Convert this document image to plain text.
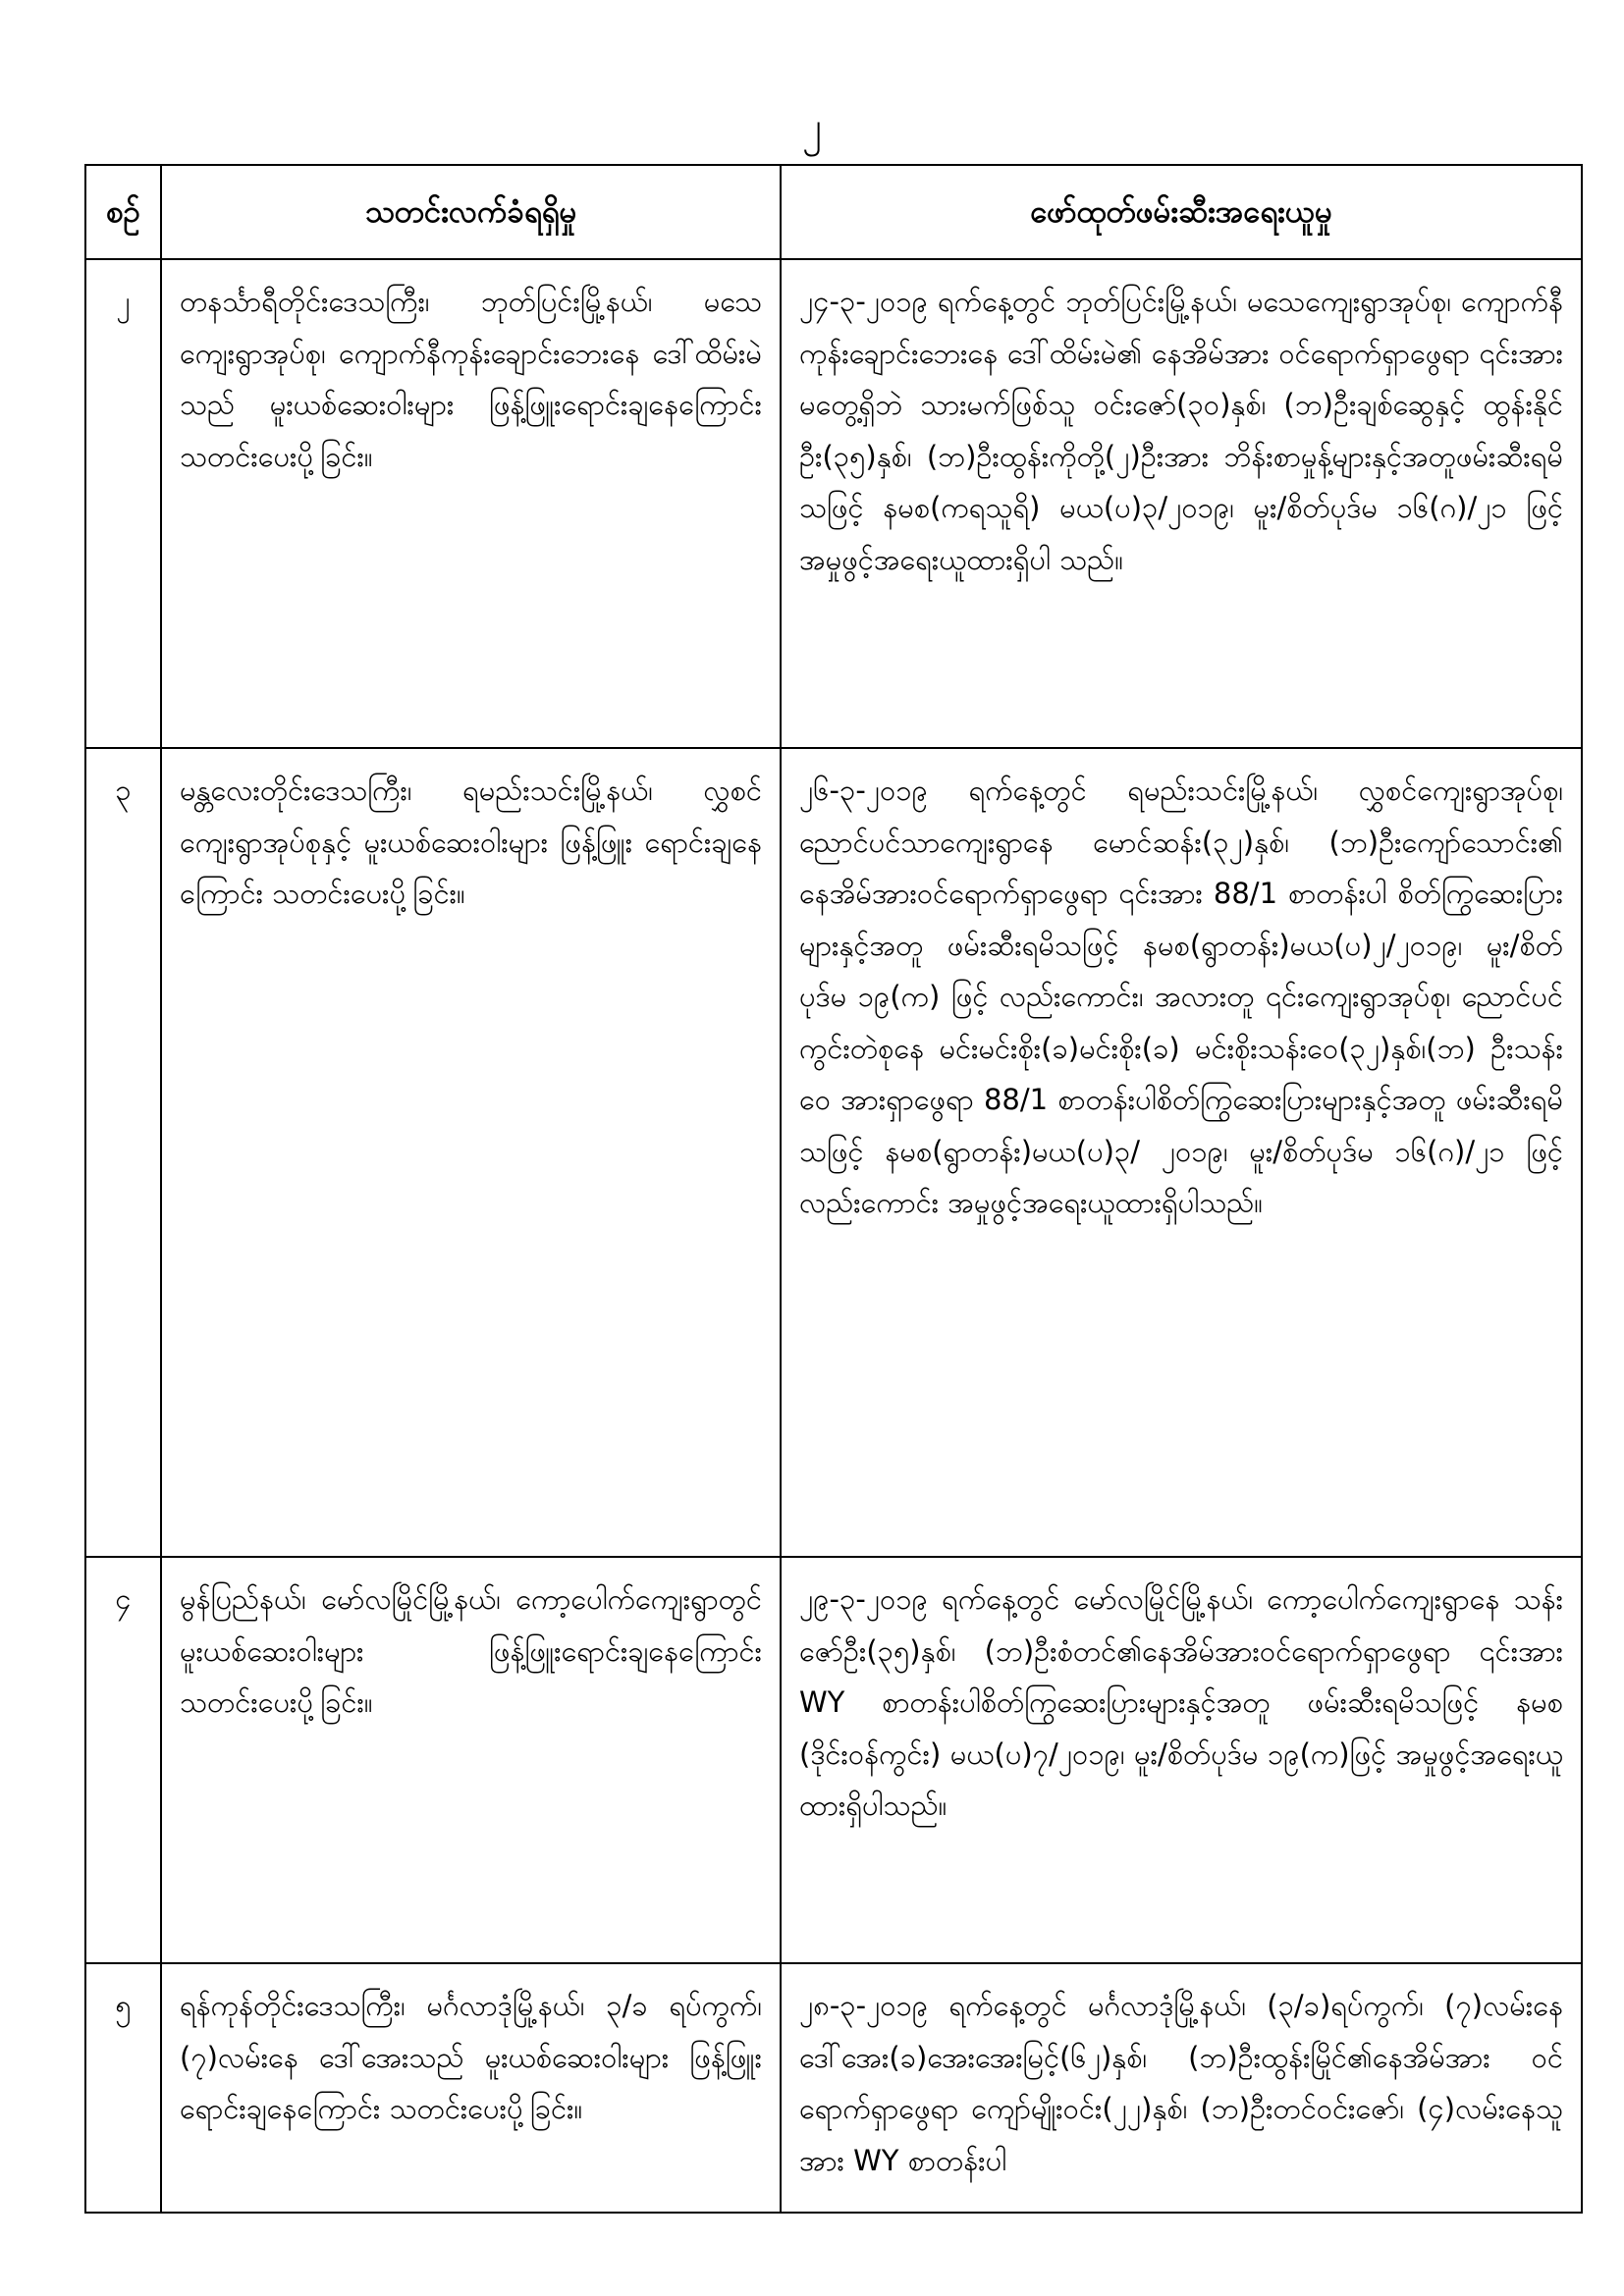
၂
စဉ်	သတင်းလက်ခံရရှိမှု	ဖော်ထုတ်ဖမ်းဆီးအရေးယူမှု
၂	တနင်္သာရီတိုင်းဒေသကြီး၊ ဘုတ်ပြင်းမြို့နယ်၊ မသေကျေးရွာအုပ်စု၊ ကျောက်နီကုန်းချောင်းဘေးနေ ဒေါ်ထိမ်းမဲ သည် မူးယစ်ဆေးဝါးများ ဖြန့်ဖြူးရောင်းချနေကြောင်း သတင်းပေးပို့ခြင်း။	၂၄-၃-၂၀၁၉ ရက်နေ့တွင် ဘုတ်ပြင်းမြို့နယ်၊ မသေကျေးရွာအုပ်စု၊ ကျောက်နီကုန်းချောင်းဘေးနေ ဒေါ်ထိမ်းမဲ၏ နေအိမ်အား ဝင်ရောက်ရှာဖွေရာ ၎င်းအားမတွေ့ရှိဘဲ သားမက်ဖြစ်သူ ဝင်းဇော်(၃၀)နှစ်၊ (ဘ)ဦးချစ်ဆွေနှင့် ထွန်းနိုင်ဦး(၃၅)နှစ်၊ (ဘ)ဦးထွန်းကိုတို့(၂)ဦးအား ဘိန်းစာမှုန့်များနှင့်အတူဖမ်းဆီးရမိသဖြင့် နမစ(ကရသူရိ) မယ(ပ)၃/၂၀၁၉၊ မူး/စိတ်ပုဒ်မ ၁၆(ဂ)/၂၁ ဖြင့် အမှုဖွင့်အရေးယူထားရှိပါ သည်။
၃	မန္တလေးတိုင်းဒေသကြီး၊ ရမည်းသင်းမြို့နယ်၊ လွှစင်ကျေးရွာအုပ်စုနှင့် မူးယစ်ဆေးဝါးများ ဖြန့်ဖြူး ရောင်းချနေကြောင်း သတင်းပေးပို့ခြင်း။	၂၆-၃-၂၀၁၉ ရက်နေ့တွင် ရမည်းသင်းမြို့နယ်၊ လွှစင်ကျေးရွာအုပ်စု၊ ညောင်ပင်သာကျေးရွာနေ မောင်ဆန်း(၃၂)နှစ်၊ (ဘ)ဦးကျော်သောင်း၏ နေအိမ်အားဝင်ရောက်ရှာဖွေရာ ၎င်းအား 88/1 စာတန်းပါ စိတ်ကြွဆေးပြားများနှင့်အတူ ဖမ်းဆီးရမိသဖြင့် နမစ(ရွာတန်း)မယ(ပ)၂/၂၀၁၉၊ မူး/စိတ်ပုဒ်မ ၁၉(က) ဖြင့် လည်းကောင်း၊ အလားတူ ၎င်းကျေးရွာအုပ်စု၊ ညောင်ပင်ကွင်းတဲစုနေ မင်းမင်းစိုး(ခ)မင်းစိုး(ခ) မင်းစိုးသန်းဝေ(၃၂)နှစ်၊(ဘ) ဦးသန်းဝေ အားရှာဖွေရာ 88/1 စာတန်းပါစိတ်ကြွဆေးပြားများနှင့်အတူ ဖမ်းဆီးရမိသဖြင့် နမစ(ရွာတန်း)မယ(ပ)၃/ ၂၀၁၉၊ မူး/စိတ်ပုဒ်မ ၁၆(ဂ)/၂၁ ဖြင့်လည်းကောင်း အမှုဖွင့်အရေးယူထားရှိပါသည်။
၄	မွန်ပြည်နယ်၊ မော်လမြိုင်မြို့နယ်၊ ကော့ပေါက်ကျေးရွာတွင် မူးယစ်ဆေးဝါးများ ဖြန့်ဖြူးရောင်းချနေကြောင်း သတင်းပေးပို့ခြင်း။	၂၉-၃-၂၀၁၉ ရက်နေ့တွင် မော်လမြိုင်မြို့နယ်၊ ကော့ပေါက်ကျေးရွာနေ သန်းဇော်ဦး(၃၅)နှစ်၊ (ဘ)ဦးစံတင်၏နေအိမ်အားဝင်ရောက်ရှာဖွေရာ ၎င်းအား WY စာတန်းပါစိတ်ကြွဆေးပြားများနှင့်အတူ ဖမ်းဆီးရမိသဖြင့် နမစ (ဒိုင်းဝန်ကွင်း) မယ(ပ)၇/၂၀၁၉၊ မူး/စိတ်ပုဒ်မ ၁၉(က)ဖြင့် အမှုဖွင့်အရေးယူထားရှိပါသည်။
၅	ရန်ကုန်တိုင်းဒေသကြီး၊ မင်္ဂလာဒုံမြို့နယ်၊ ၃/ခ ရပ်ကွက်၊ (၇)လမ်းနေ ဒေါ်အေးသည် မူးယစ်ဆေးဝါးများ ဖြန့်ဖြူးရောင်းချနေကြောင်း သတင်းပေးပို့ခြင်း။	၂၈-၃-၂၀၁၉ ရက်နေ့တွင် မင်္ဂလာဒုံမြို့နယ်၊ (၃/ခ)ရပ်ကွက်၊ (၇)လမ်းနေ ဒေါ်အေး(ခ)အေးအေးမြင့်(၆၂)နှစ်၊ (ဘ)ဦးထွန်းမြိုင်၏နေအိမ်အား ဝင်ရောက်ရှာဖွေရာ ကျော်မျိုးဝင်း(၂၂)နှစ်၊ (ဘ)ဦးတင်ဝင်းဇော်၊ (၄)လမ်းနေသူအား WY စာတန်းပါ
